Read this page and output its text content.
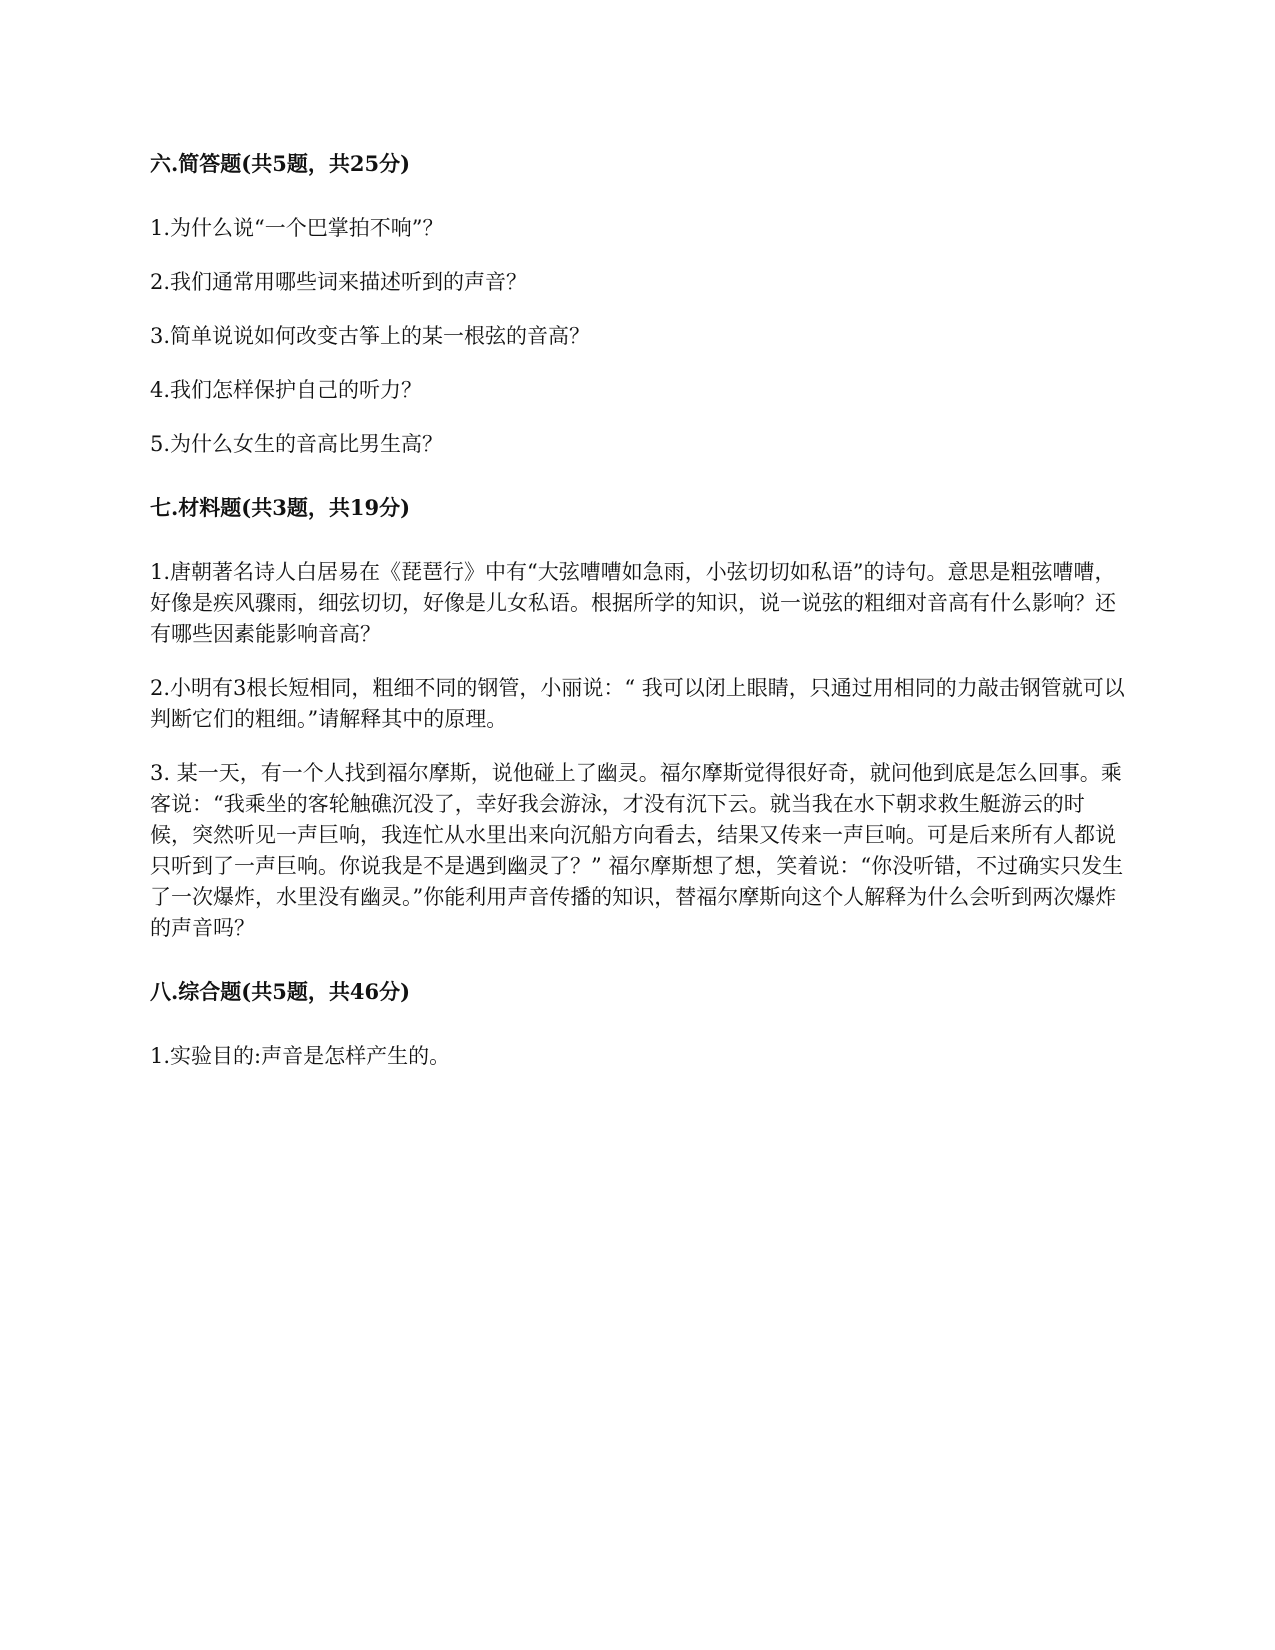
六.简答题(共5题，共25分)

1.为什么说“一个巴掌拍不响”？

2.我们通常用哪些词来描述听到的声音？

3.简单说说如何改变古筝上的某一根弦的音高？

4.我们怎样保护自己的听力？

5.为什么女生的音高比男生高？

七.材料题(共3题，共19分)

1.唐朝著名诗人白居易在《琵琶行》中有“大弦嘈嘈如急雨，小弦切切如私语”的诗句。意思是粗弦嘈嘈，好像是疾风骤雨，细弦切切，好像是儿女私语。根据所学的知识，说一说弦的粗细对音高有什么影响？还有哪些因素能影响音高？

2.小明有3根长短相同，粗细不同的钢管，小丽说：“ 我可以闭上眼睛，只通过用相同的力敲击钢管就可以判断它们的粗细。”请解释其中的原理。

3. 某一天，有一个人找到福尔摩斯，说他碰上了幽灵。福尔摩斯觉得很好奇，就问他到底是怎么回事。乘客说：“我乘坐的客轮触礁沉没了，幸好我会游泳，才没有沉下云。就当我在水下朝求救生艇游云的时候，突然听见一声巨响，我连忙从水里出来向沉船方向看去，结果又传来一声巨响。可是后来所有人都说只听到了一声巨响。你说我是不是遇到幽灵了？” 福尔摩斯想了想，笑着说：“你没听错，不过确实只发生了一次爆炸，水里没有幽灵。”你能利用声音传播的知识，替福尔摩斯向这个人解释为什么会听到两次爆炸的声音吗？

八.综合题(共5题，共46分)

1.实验目的:声音是怎样产生的。
